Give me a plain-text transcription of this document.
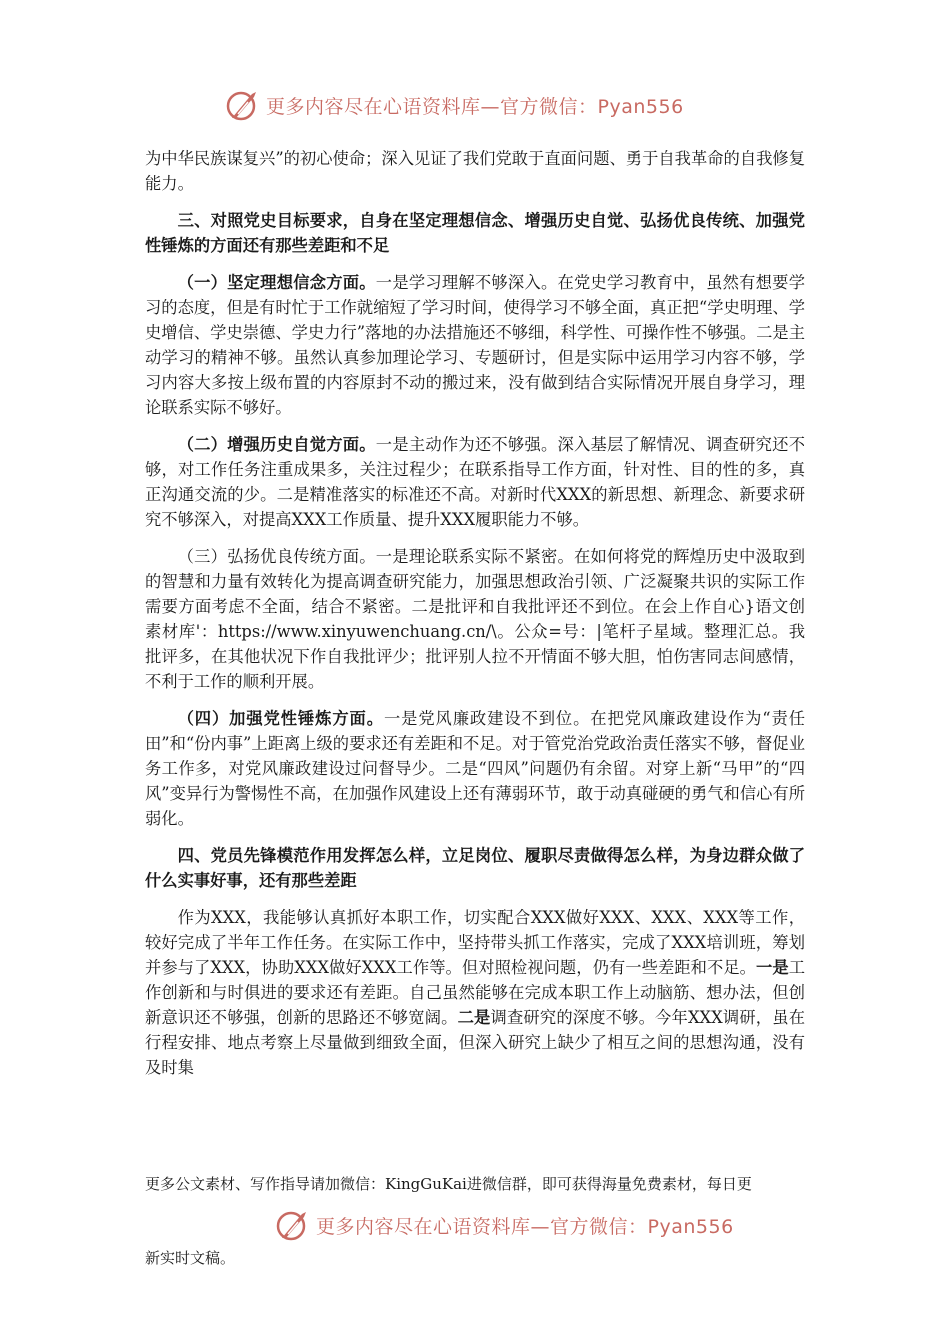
更多内容尽在心语资料库—官方微信：Pyan556

为中华民族谋复兴”的初心使命；深入见证了我们党敢于直面问题、勇于自我革命的自我修复能力。

三、对照党史目标要求，自身在坚定理想信念、增强历史自觉、弘扬优良传统、加强党性锤炼的方面还有那些差距和不足

（一）坚定理想信念方面。一是学习理解不够深入。在党史学习教育中，虽然有想要学习的态度，但是有时忙于工作就缩短了学习时间，使得学习不够全面，真正把“学史明理、学史增信、学史崇德、学史力行”落地的办法措施还不够细，科学性、可操作性不够强。二是主动学习的精神不够。虽然认真参加理论学习、专题研讨，但是实际中运用学习内容不够，学习内容大多按上级布置的内容原封不动的搬过来，没有做到结合实际情况开展自身学习，理论联系实际不够好。

（二）增强历史自觉方面。一是主动作为还不够强。深入基层了解情况、调查研究还不够，对工作任务注重成果多，关注过程少；在联系指导工作方面，针对性、目的性的多，真正沟通交流的少。二是精准落实的标准还不高。对新时代XXX的新思想、新理念、新要求研究不够深入，对提高XXX工作质量、提升XXX履职能力不够。

（三）弘扬优良传统方面。一是理论联系实际不紧密。在如何将党的辉煌历史中汲取到的智慧和力量有效转化为提高调查研究能力，加强思想政治引领、广泛凝聚共识的实际工作需要方面考虑不全面，结合不紧密。二是批评和自我批评还不到位。在会上作自心}语文创素材库'：https://www.xinyuwenchuang.cn/\。公众=号：|笔杆子星域。整理汇总。我批评多，在其他状况下作自我批评少；批评别人拉不开情面不够大胆，怕伤害同志间感情，不利于工作的顺利开展。

（四）加强党性锤炼方面。一是党风廉政建设不到位。在把党风廉政建设作为“责任田”和“份内事”上距离上级的要求还有差距和不足。对于管党治党政治责任落实不够，督促业务工作多，对党风廉政建设过问督导少。二是“四风”问题仍有余留。对穿上新“马甲”的“四风”变异行为警惕性不高，在加强作风建设上还有薄弱环节，敢于动真碰硬的勇气和信心有所弱化。

四、党员先锋模范作用发挥怎么样，立足岗位、履职尽责做得怎么样，为身边群众做了什么实事好事，还有那些差距

作为XXX，我能够认真抓好本职工作，切实配合XXX做好XXX、XXX、XXX等工作，较好完成了半年工作任务。在实际工作中，坚持带头抓工作落实，完成了XXX培训班，筹划并参与了XXX，协助XXX做好XXX工作等。但对照检视问题，仍有一些差距和不足。一是工作创新和与时俱进的要求还有差距。自己虽然能够在完成本职工作上动脑筋、想办法，但创新意识还不够强，创新的思路还不够宽阔。二是调查研究的深度不够。今年XXX调研，虽在行程安排、地点考察上尽量做到细致全面，但深入研究上缺少了相互之间的思想沟通，没有及时集

更多公文素材、写作指导请加微信：KingGuKai进微信群，即可获得海量免费素材，每日更
更多内容尽在心语资料库—官方微信：Pyan556
新实时文稿。
